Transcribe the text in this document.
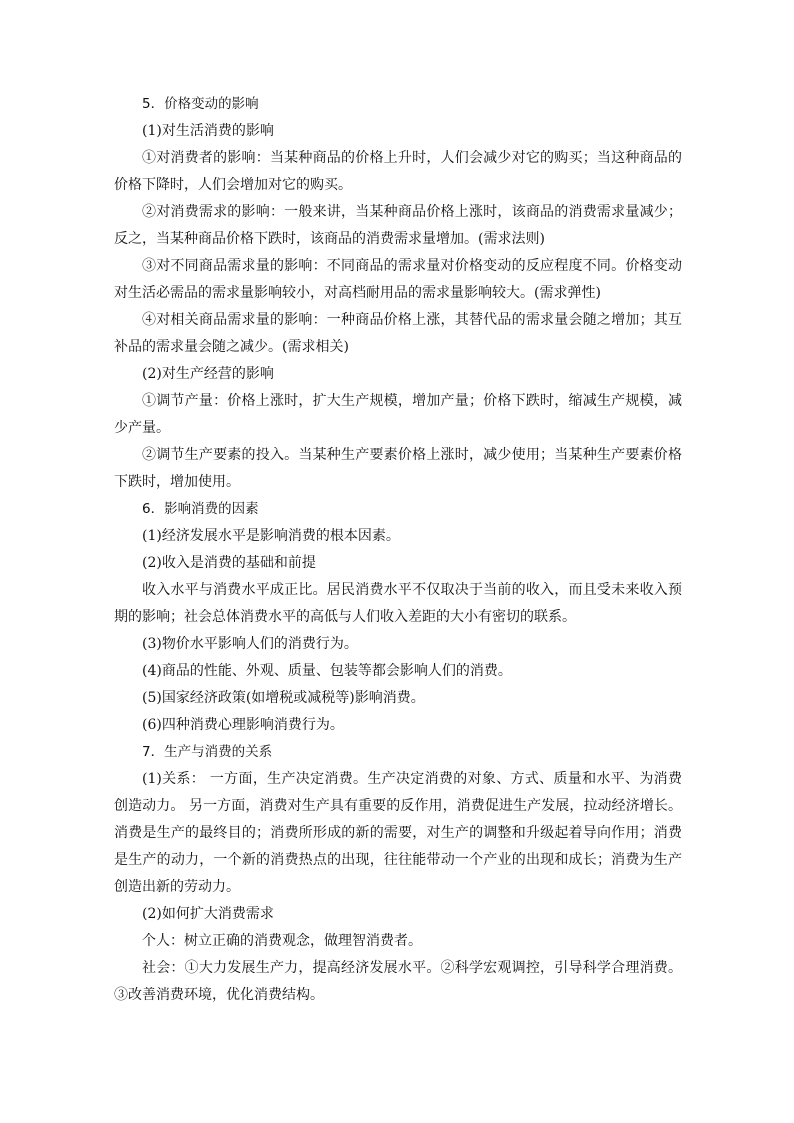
5．价格变动的影响

(1)对生活消费的影响

①对消费者的影响：当某种商品的价格上升时，人们会减少对它的购买；当这种商品的价格下降时，人们会增加对它的购买。

②对消费需求的影响：一般来讲，当某种商品价格上涨时，该商品的消费需求量减少；反之，当某种商品价格下跌时，该商品的消费需求量增加。(需求法则)

③对不同商品需求量的影响：不同商品的需求量对价格变动的反应程度不同。价格变动对生活必需品的需求量影响较小，对高档耐用品的需求量影响较大。(需求弹性)

④对相关商品需求量的影响：一种商品价格上涨，其替代品的需求量会随之增加；其互补品的需求量会随之减少。(需求相关)

(2)对生产经营的影响

①调节产量：价格上涨时，扩大生产规模，增加产量；价格下跌时，缩减生产规模，减少产量。

②调节生产要素的投入。当某种生产要素价格上涨时，减少使用；当某种生产要素价格下跌时，增加使用。

6．影响消费的因素

(1)经济发展水平是影响消费的根本因素。

(2)收入是消费的基础和前提

收入水平与消费水平成正比。居民消费水平不仅取决于当前的收入，而且受未来收入预期的影响；社会总体消费水平的高低与人们收入差距的大小有密切的联系。

(3)物价水平影响人们的消费行为。

(4)商品的性能、外观、质量、包装等都会影响人们的消费。

(5)国家经济政策(如增税或减税等)影响消费。

(6)四种消费心理影响消费行为。

7．生产与消费的关系

(1)关系： 一方面，生产决定消费。生产决定消费的对象、方式、质量和水平、为消费创造动力。 另一方面，消费对生产具有重要的反作用，消费促进生产发展，拉动经济增长。消费是生产的最终目的；消费所形成的新的需要，对生产的调整和升级起着导向作用；消费是生产的动力，一个新的消费热点的出现，往往能带动一个产业的出现和成长；消费为生产创造出新的劳动力。

(2)如何扩大消费需求

个人：树立正确的消费观念，做理智消费者。

社会：①大力发展生产力，提高经济发展水平。②科学宏观调控，引导科学合理消费。③改善消费环境，优化消费结构。
